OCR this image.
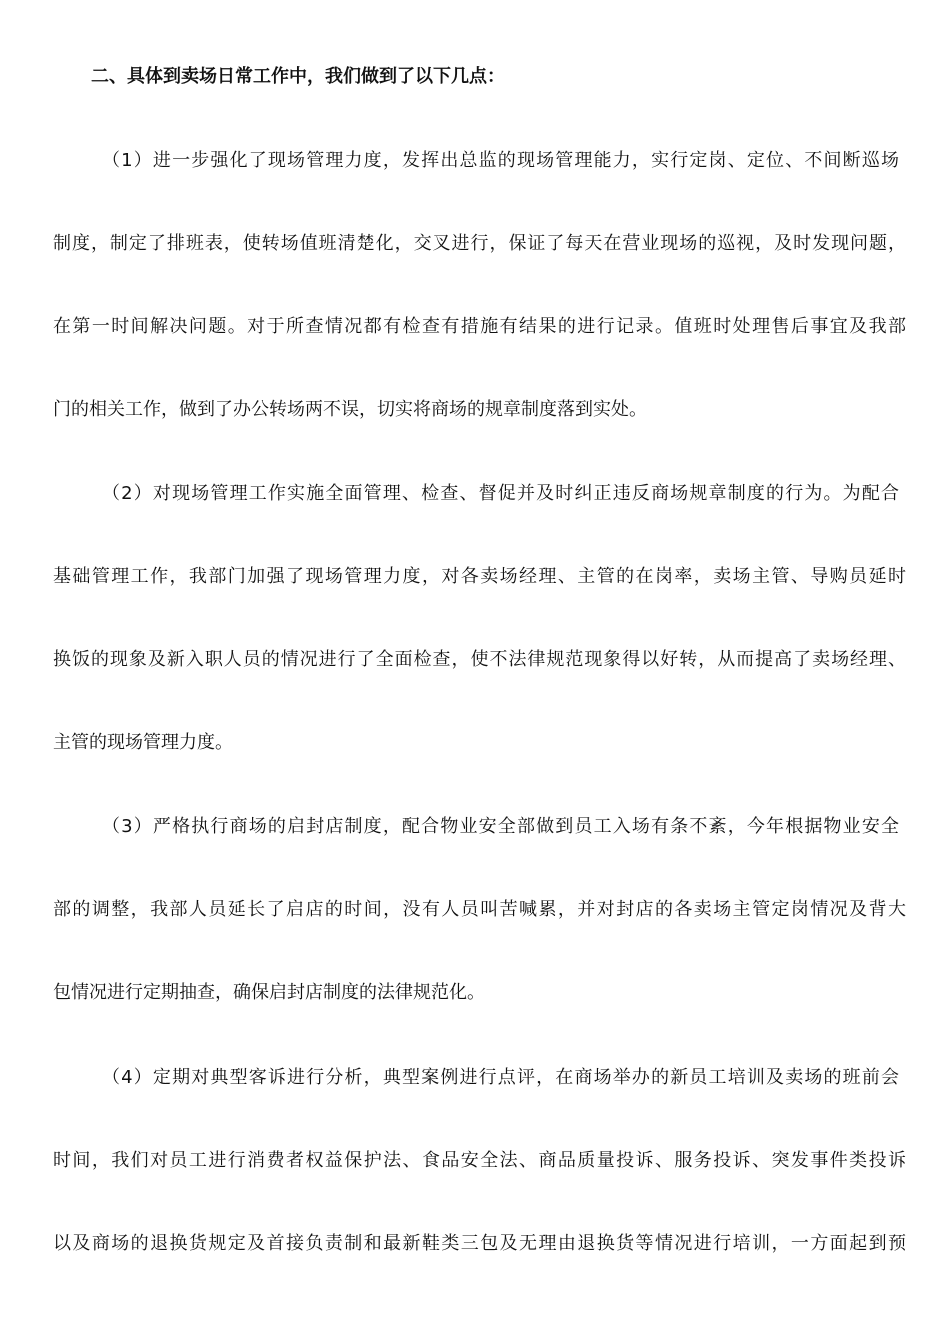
二、具体到卖场日常工作中，我们做到了以下几点：
（1）进一步强化了现场管理力度，发挥出总监的现场管理能力，实行定岗、定位、不间断巡场
制度，制定了排班表，使转场值班清楚化，交叉进行，保证了每天在营业现场的巡视，及时发现问题，
在第一时间解决问题。对于所查情况都有检查有措施有结果的进行记录。值班时处理售后事宜及我部
门的相关工作，做到了办公转场两不误，切实将商场的规章制度落到实处。
（2）对现场管理工作实施全面管理、检查、督促并及时纠正违反商场规章制度的行为。为配合
基础管理工作，我部门加强了现场管理力度，对各卖场经理、主管的在岗率，卖场主管、导购员延时
换饭的现象及新入职人员的情况进行了全面检查，使不法律规范现象得以好转，从而提高了卖场经理、
主管的现场管理力度。
（3）严格执行商场的启封店制度，配合物业安全部做到员工入场有条不紊，今年根据物业安全
部的调整，我部人员延长了启店的时间，没有人员叫苦喊累，并对封店的各卖场主管定岗情况及背大
包情况进行定期抽查，确保启封店制度的法律规范化。
（4）定期对典型客诉进行分析，典型案例进行点评，在商场举办的新员工培训及卖场的班前会
时间，我们对员工进行消费者权益保护法、食品安全法、商品质量投诉、服务投诉、突发事件类投诉
以及商场的退换货规定及首接负责制和最新鞋类三包及无理由退换货等情况进行培训，一方面起到预
